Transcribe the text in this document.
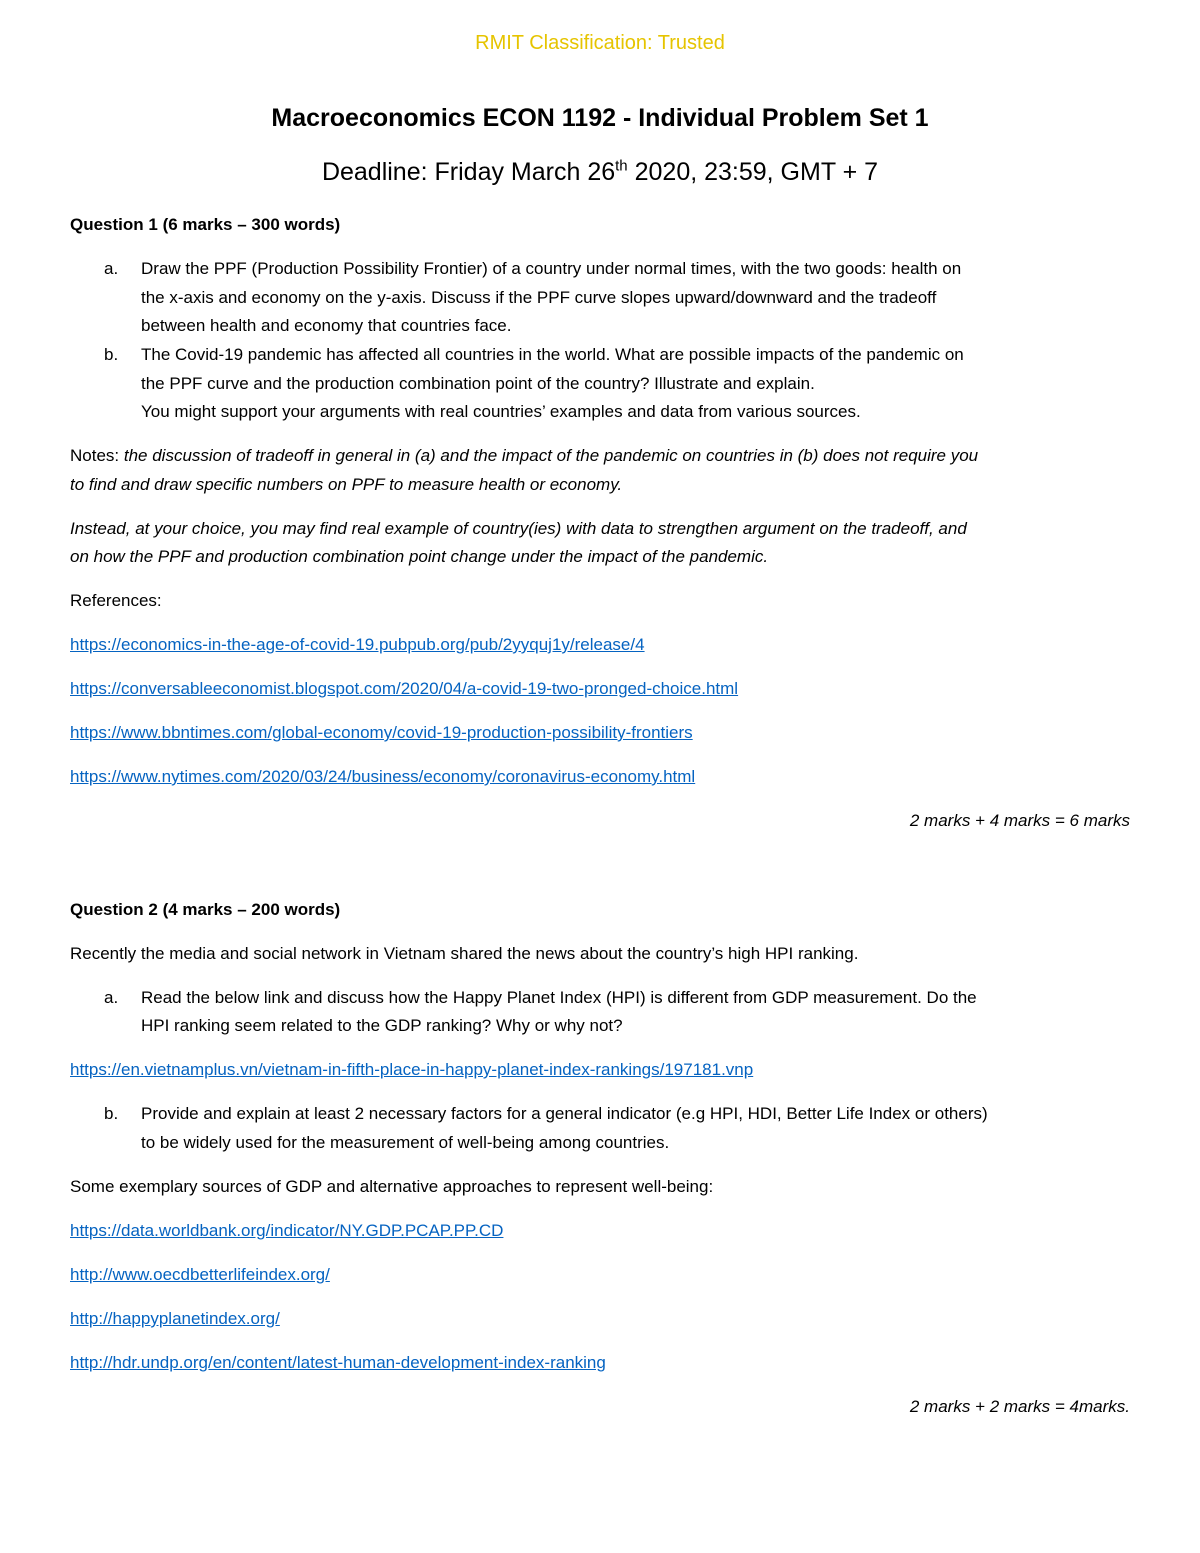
RMIT Classification: Trusted
Macroeconomics ECON 1192 - Individual Problem Set 1
Deadline: Friday March 26th 2020, 23:59, GMT + 7
Question 1 (6 marks – 300 words)
a. Draw the PPF (Production Possibility Frontier) of a country under normal times, with the two goods: health on
the x-axis and economy on the y-axis. Discuss if the PPF curve slopes upward/downward and the tradeoff
between health and economy that countries face.
b. The Covid-19 pandemic has affected all countries in the world. What are possible impacts of the pandemic on
the PPF curve and the production combination point of the country? Illustrate and explain.
You might support your arguments with real countries’ examples and data from various sources.
Notes: the discussion of tradeoff in general in (a) and the impact of the pandemic on countries in (b) does not require you
to find and draw specific numbers on PPF to measure health or economy.
Instead, at your choice, you may find real example of country(ies) with data to strengthen argument on the tradeoff, and
on how the PPF and production combination point change under the impact of the pandemic.
References:
https://economics-in-the-age-of-covid-19.pubpub.org/pub/2yyquj1y/release/4
https://conversableeconomist.blogspot.com/2020/04/a-covid-19-two-pronged-choice.html
https://www.bbntimes.com/global-economy/covid-19-production-possibility-frontiers
https://www.nytimes.com/2020/03/24/business/economy/coronavirus-economy.html
2 marks + 4 marks = 6 marks
Question 2 (4 marks – 200 words)
Recently the media and social network in Vietnam shared the news about the country’s high HPI ranking.
a. Read the below link and discuss how the Happy Planet Index (HPI) is different from GDP measurement. Do the
HPI ranking seem related to the GDP ranking? Why or why not?
https://en.vietnamplus.vn/vietnam-in-fifth-place-in-happy-planet-index-rankings/197181.vnp
b. Provide and explain at least 2 necessary factors for a general indicator (e.g HPI, HDI, Better Life Index or others)
to be widely used for the measurement of well-being among countries.
Some exemplary sources of GDP and alternative approaches to represent well-being:
https://data.worldbank.org/indicator/NY.GDP.PCAP.PP.CD
http://www.oecdbetterlifeindex.org/
http://happyplanetindex.org/
http://hdr.undp.org/en/content/latest-human-development-index-ranking
2 marks + 2 marks = 4marks.
